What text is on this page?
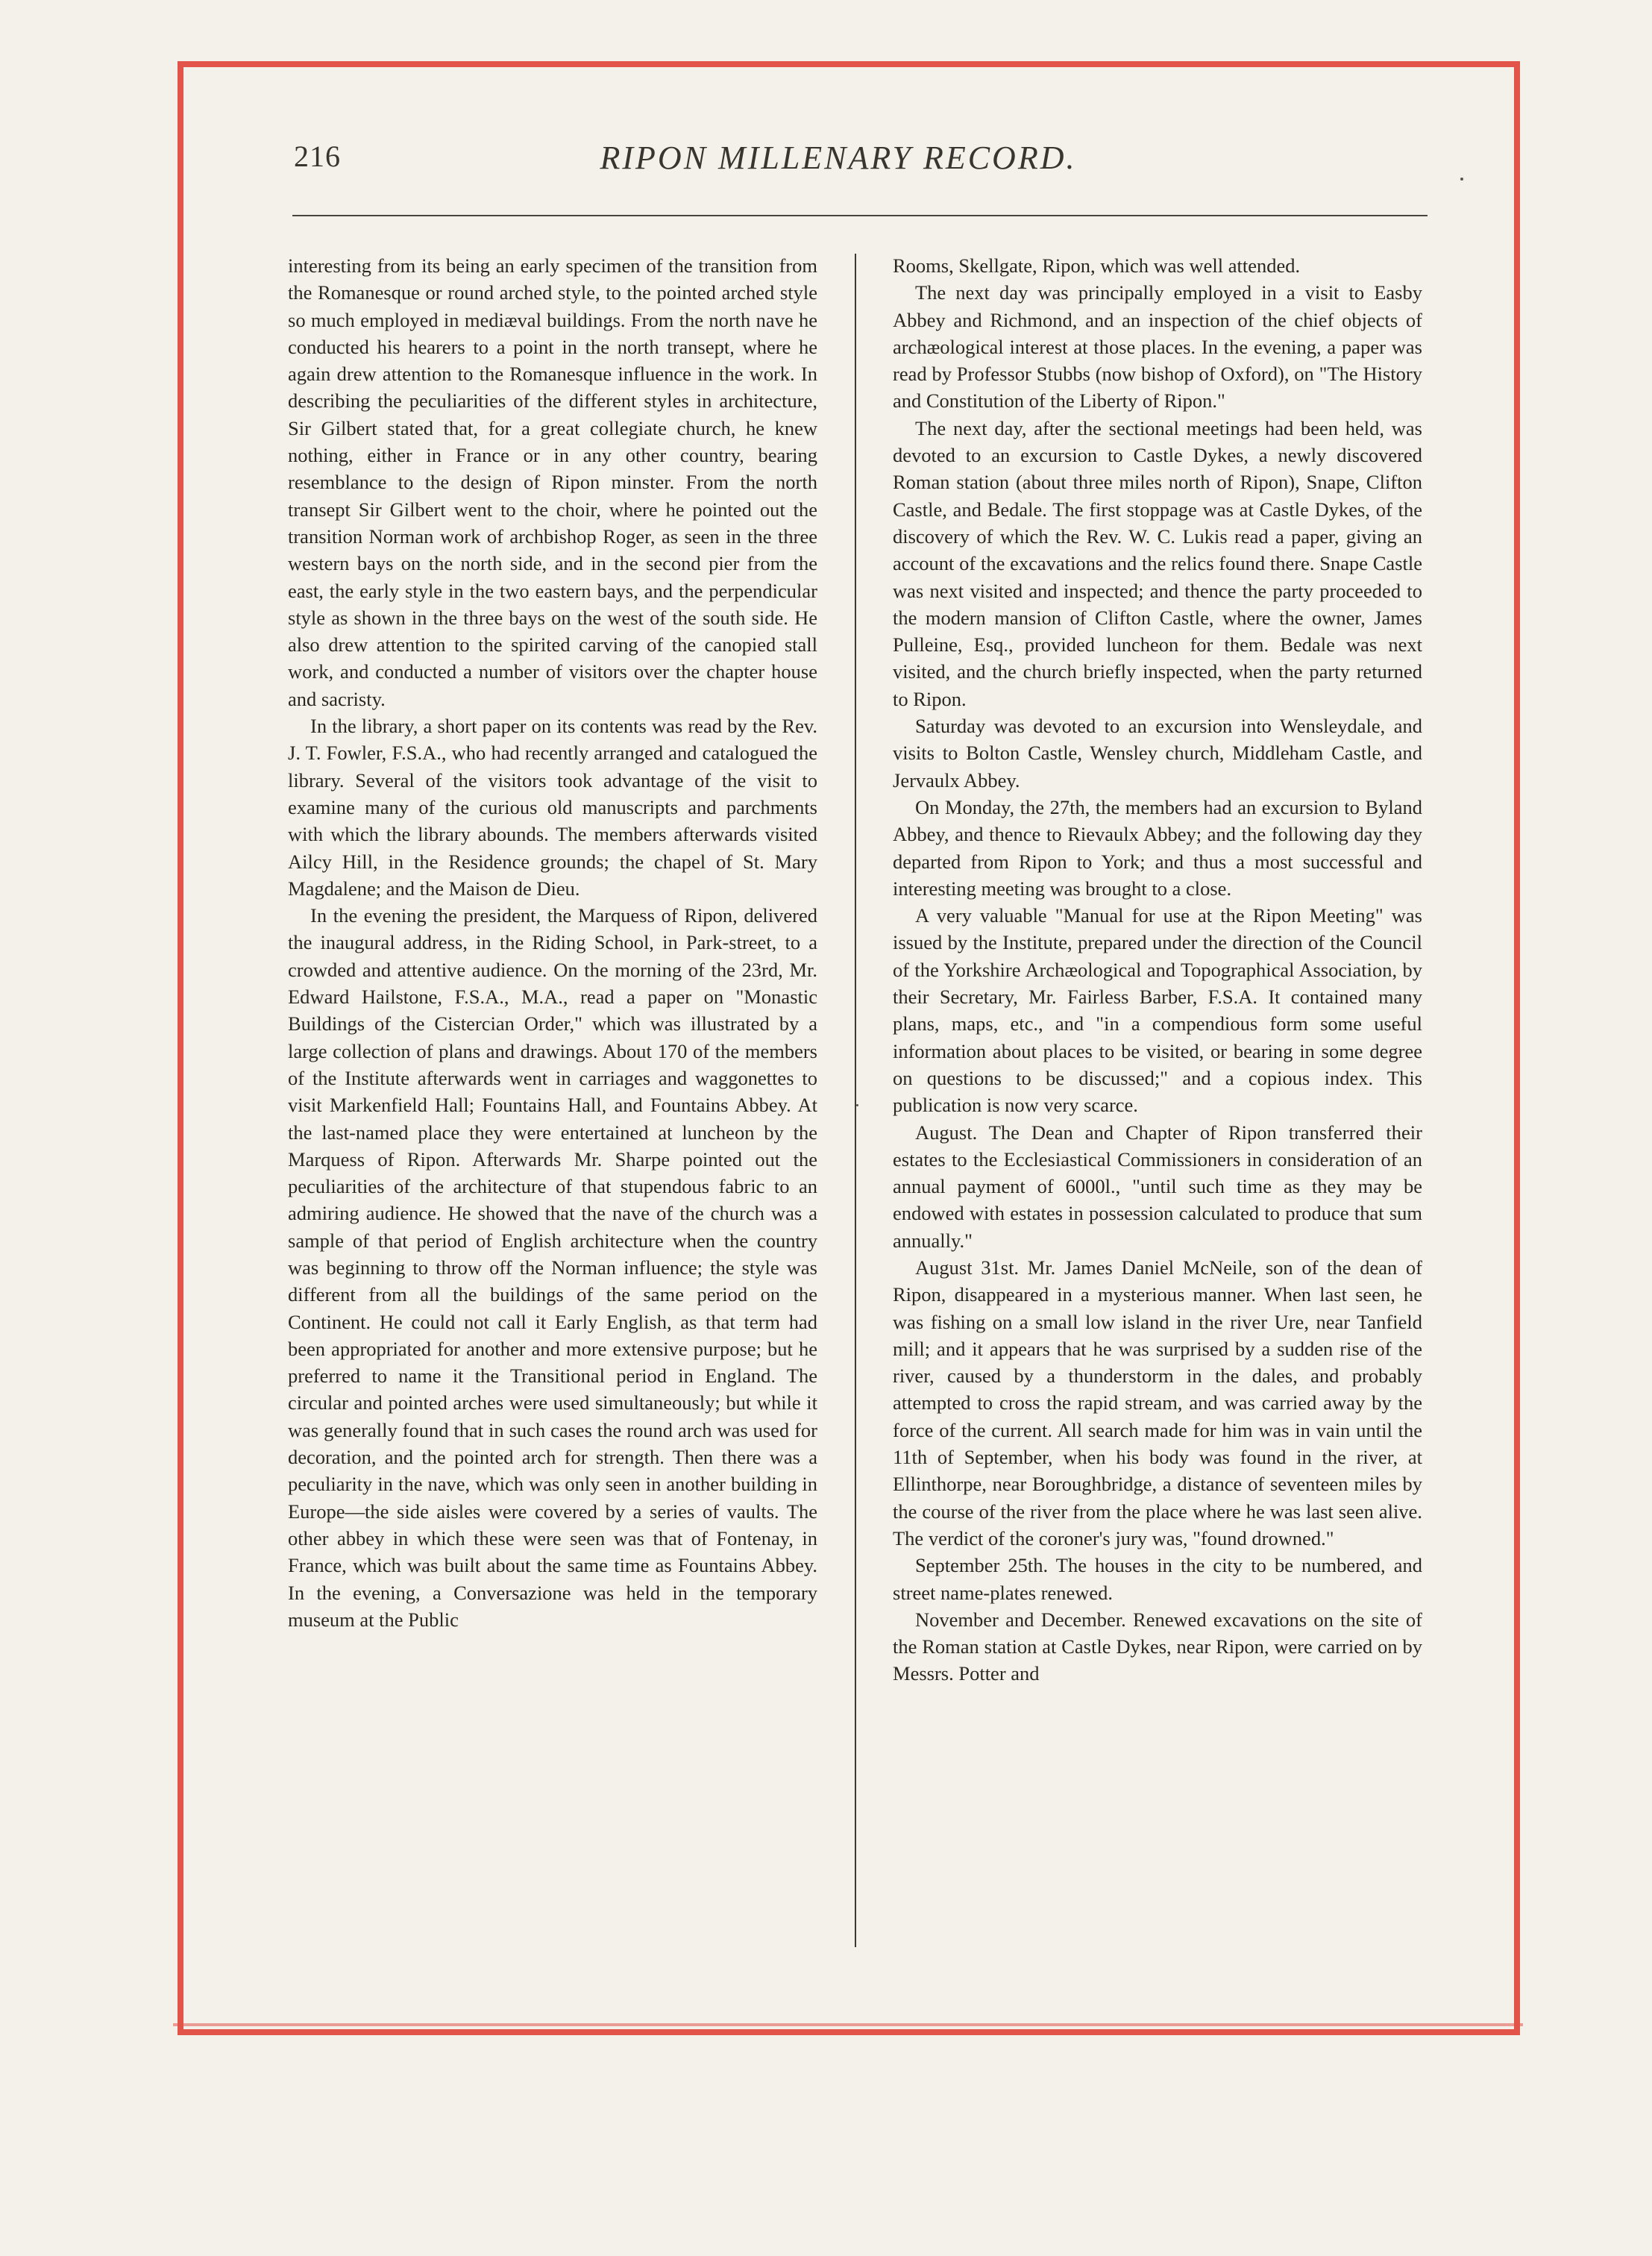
216	RIPON MILLENARY RECORD.

interesting from its being an early specimen of the transition from the Romanesque or round arched style, to the pointed arched style so much employed in mediæval buildings. From the north nave he conducted his hearers to a point in the north transept, where he again drew attention to the Romanesque influence in the work. In describing the peculiarities of the different styles in architecture, Sir Gilbert stated that, for a great collegiate church, he knew nothing, either in France or in any other country, bearing resemblance to the design of Ripon minster. From the north transept Sir Gilbert went to the choir, where he pointed out the transition Norman work of archbishop Roger, as seen in the three western bays on the north side, and in the second pier from the east, the early style in the two eastern bays, and the perpendicular style as shown in the three bays on the west of the south side. He also drew attention to the spirited carving of the canopied stall work, and conducted a number of visitors over the chapter house and sacristy.

In the library, a short paper on its contents was read by the Rev. J. T. Fowler, F.S.A., who had recently arranged and catalogued the library. Several of the visitors took advantage of the visit to examine many of the curious old manuscripts and parchments with which the library abounds. The members afterwards visited Ailcy Hill, in the Residence grounds; the chapel of St. Mary Magdalene; and the Maison de Dieu.

In the evening the president, the Marquess of Ripon, delivered the inaugural address, in the Riding School, in Park-street, to a crowded and attentive audience. On the morning of the 23rd, Mr. Edward Hailstone, F.S.A., M.A., read a paper on "Monastic Buildings of the Cistercian Order," which was illustrated by a large collection of plans and drawings. About 170 of the members of the Institute afterwards went in carriages and waggonettes to visit Markenfield Hall; Fountains Hall, and Fountains Abbey. At the last-named place they were entertained at luncheon by the Marquess of Ripon. Afterwards Mr. Sharpe pointed out the peculiarities of the architecture of that stupendous fabric to an admiring audience. He showed that the nave of the church was a sample of that period of English architecture when the country was beginning to throw off the Norman influence; the style was different from all the buildings of the same period on the Continent. He could not call it Early English, as that term had been appropriated for another and more extensive purpose; but he preferred to name it the Transitional period in England. The circular and pointed arches were used simultaneously; but while it was generally found that in such cases the round arch was used for decoration, and the pointed arch for strength. Then there was a peculiarity in the nave, which was only seen in another building in Europe—the side aisles were covered by a series of vaults. The other abbey in which these were seen was that of Fontenay, in France, which was built about the same time as Fountains Abbey. In the evening, a Conversazione was held in the temporary museum at the Public

Rooms, Skellgate, Ripon, which was well attended.

The next day was principally employed in a visit to Easby Abbey and Richmond, and an inspection of the chief objects of archæological interest at those places. In the evening, a paper was read by Professor Stubbs (now bishop of Oxford), on "The History and Constitution of the Liberty of Ripon."

The next day, after the sectional meetings had been held, was devoted to an excursion to Castle Dykes, a newly discovered Roman station (about three miles north of Ripon), Snape, Clifton Castle, and Bedale. The first stoppage was at Castle Dykes, of the discovery of which the Rev. W. C. Lukis read a paper, giving an account of the excavations and the relics found there. Snape Castle was next visited and inspected; and thence the party proceeded to the modern mansion of Clifton Castle, where the owner, James Pulleine, Esq., provided luncheon for them. Bedale was next visited, and the church briefly inspected, when the party returned to Ripon.

Saturday was devoted to an excursion into Wensleydale, and visits to Bolton Castle, Wensley church, Middleham Castle, and Jervaulx Abbey.

On Monday, the 27th, the members had an excursion to Byland Abbey, and thence to Rievaulx Abbey; and the following day they departed from Ripon to York; and thus a most successful and interesting meeting was brought to a close.

A very valuable "Manual for use at the Ripon Meeting" was issued by the Institute, prepared under the direction of the Council of the Yorkshire Archæological and Topographical Association, by their Secretary, Mr. Fairless Barber, F.S.A. It contained many plans, maps, etc., and "in a compendious form some useful information about places to be visited, or bearing in some degree on questions to be discussed;" and a copious index. This publication is now very scarce.

August. The Dean and Chapter of Ripon transferred their estates to the Ecclesiastical Commissioners in consideration of an annual payment of 6000l., "until such time as they may be endowed with estates in possession calculated to produce that sum annually."

August 31st. Mr. James Daniel McNeile, son of the dean of Ripon, disappeared in a mysterious manner. When last seen, he was fishing on a small low island in the river Ure, near Tanfield mill; and it appears that he was surprised by a sudden rise of the river, caused by a thunderstorm in the dales, and probably attempted to cross the rapid stream, and was carried away by the force of the current. All search made for him was in vain until the 11th of September, when his body was found in the river, at Ellinthorpe, near Boroughbridge, a distance of seventeen miles by the course of the river from the place where he was last seen alive. The verdict of the coroner's jury was, "found drowned."

September 25th. The houses in the city to be numbered, and street name-plates renewed.

November and December. Renewed excavations on the site of the Roman station at Castle Dykes, near Ripon, were carried on by Messrs. Potter and
